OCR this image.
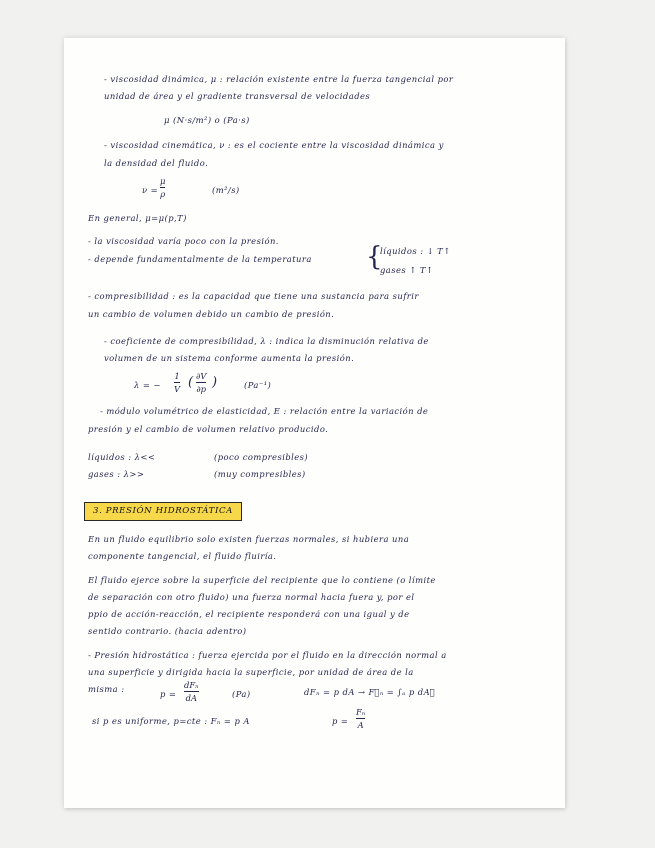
- viscosidad dinámica, μ : relación existente entre la fuerza tangencial por
unidad de área y el gradiente transversal de velocidades
μ (N·s/m²) o (Pa·s)
- viscosidad cinemática, ν : es el cociente entre la viscosidad dinámica y
la densidad del fluido.
ν =
μ
ρ	(m²/s)
En general, μ=μ(p,T)
- la viscosidad varía poco con la presión.
- depende fundamentalmente de la temperatura {
líquidos : ↓ T↑
gases ↑ T↑
- compresibilidad : es la capacidad que tiene una sustancia para sufrir
un cambio de volumen debido un cambio de presión.
- coeficiente de compresibilidad, λ : indica la disminución relativa de
volumen de un sistema conforme aumenta la presión.
λ = −
1
V ( ∂V
∂p )	(Pa⁻¹)
- módulo volumétrico de elasticidad, E : relación entre la variación de
presión y el cambio de volumen relativo producido.
líquidos : λ<<	(poco compresibles)
gases : λ>>	(muy compresibles)
3. PRESIÓN HIDROSTÁTICA
En un fluido equilibrio solo existen fuerzas normales, si hubiera una
componente tangencial, el fluido fluiría.
El fluido ejerce sobre la superficie del recipiente que lo contiene (o límite
de separación con otro fluido) una fuerza normal hacia fuera y, por el
ppio de acción-reacción, el recipiente responderá con una igual y de
sentido contrario. (hacia adentro)
- Presión hidrostática : fuerza ejercida por el fluido en la dirección normal a
una superficie y dirigida hacia la superficie, por unidad de área de la
misma :	p =
dFₙ
dA	(Pa)	dFₙ = p dA → F⃗ₙ = ∫ₐ p dA⃗
si p es uniforme, p=cte : Fₙ = p A	p =
Fₙ
A
